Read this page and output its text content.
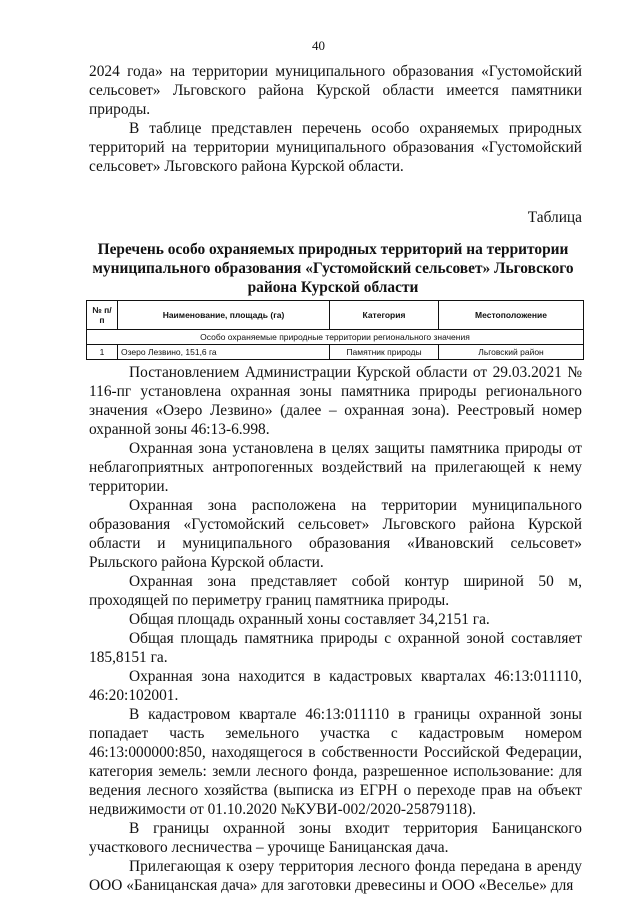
40

2024 года» на территории муниципального образования «Густомойский сельсовет» Льговского района Курской области имеется памятники природы.

В таблице представлен перечень особо охраняемых природных территорий на территории муниципального образования «Густомойский сельсовет» Льговского района Курской области.

Таблица
Перечень особо охраняемых природных территорий на территории муниципального образования «Густомойский сельсовет» Льговского района Курской области
№ п/п	Наименование, площадь (га)	Категория	Местоположение
Особо охраняемые природные территории регионального значения			
1	Озеро Лезвино, 151,6 га	Памятник природы	Льговский район

Постановлением Администрации Курской области от 29.03.2021 № 116-пг установлена охранная зоны памятника природы регионального значения «Озеро Лезвино» (далее – охранная зона). Реестровый номер охранной зоны 46:13-6.998.

Охранная зона установлена в целях защиты памятника природы от неблагоприятных антропогенных воздействий на прилегающей к нему территории.

Охранная зона расположена на территории муниципального образования «Густомойский сельсовет» Льговского района Курской области и муниципального образования «Ивановский сельсовет» Рыльского района Курской области.

Охранная зона представляет собой контур шириной 50 м, проходящей по периметру границ памятника природы.

Общая площадь охранный хоны составляет 34,2151 га.

Общая площадь памятника природы с охранной зоной составляет 185,8151 га.

Охранная зона находится в кадастровых кварталах 46:13:011110, 46:20:102001.

В кадастровом квартале 46:13:011110 в границы охранной зоны попадает часть земельного участка с кадастровым номером 46:13:000000:850, находящегося в собственности Российской Федерации, категория земель: земли лесного фонда, разрешенное использование: для ведения лесного хозяйства (выписка из ЕГРН о переходе прав на объект недвижимости от 01.10.2020 №КУВИ-002/2020-25879118).

В границы охранной зоны входит территория Баницанского участкового лесничества – урочище Баницанская дача.

Прилегающая к озеру территория лесного фонда передана в аренду ООО «Баницанская дача» для заготовки древесины и ООО «Веселье» для
